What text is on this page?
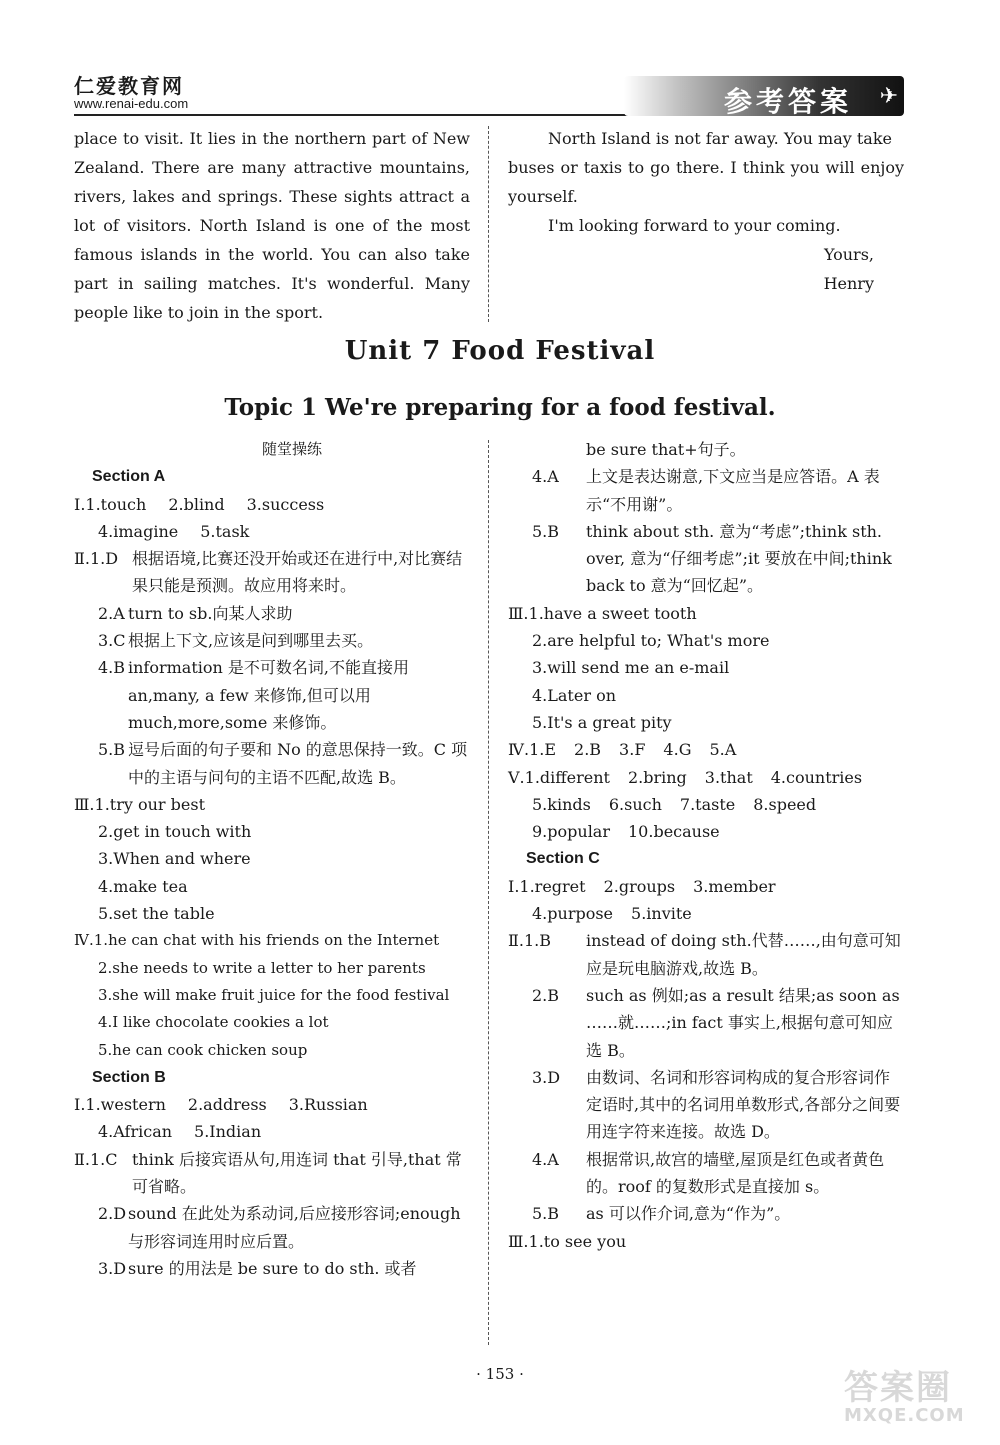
仁爱教育网
www.renai-edu.com	参考答案 ✈
place to visit. It lies in the northern part of New
Zealand. There are many attractive mountains,
rivers, lakes and springs. These sights attract a
lot of visitors. North Island is one of the most
famous islands in the world. You can also take
part in sailing matches. It's wonderful. Many
people like to join in the sport.
North Island is not far away. You may take
buses or taxis to go there. I think you will enjoy
yourself.
I'm looking forward to your coming.
Yours,
Henry
Unit 7 Food Festival
Topic 1 We're preparing for a food festival.
随堂操练
Section A
Ⅰ.1.touch 2.blind 3.success
4.imagine 5.task
Ⅱ.1.D 根据语境,比赛还没开始或还在进行中,对比赛结果只能是预测。故应用将来时。
2.A turn to sb.向某人求助
3.C 根据上下文,应该是问到哪里去买。
4.B information 是不可数名词,不能直接用 an,many, a few 来修饰,但可以用 much,more,some 来修饰。
5.B 逗号后面的句子要和 No 的意思保持一致。C 项中的主语与问句的主语不匹配,故选 B。
Ⅲ.1.try our best
2.get in touch with
3.When and where
4.make tea
5.set the table
Ⅳ.1.he can chat with his friends on the Internet
2.she needs to write a letter to her parents
3.she will make fruit juice for the food festival
4.I like chocolate cookies a lot
5.he can cook chicken soup
Section B
Ⅰ.1.western 2.address 3.Russian
4.African 5.Indian
Ⅱ.1.C think 后接宾语从句,用连词 that 引导,that 常可省略。
2.D sound 在此处为系动词,后应接形容词;enough 与形容词连用时应后置。
3.D sure 的用法是 be sure to do sth. 或者
be sure that+句子。
4.A	上文是表达谢意,下文应当是应答语。A 表示“不用谢”。
5.B	think about sth. 意为“考虑”;think sth. over, 意为“仔细考虑”;it 要放在中间;think back to 意为“回忆起”。
Ⅲ.1.have a sweet tooth
2.are helpful to; What's more
3.will send me an e-mail
4.Later on
5.It's a great pity
Ⅳ.1.E 2.B 3.F 4.G 5.A
Ⅴ.1.different 2.bring 3.that 4.countries
5.kinds 6.such 7.taste 8.speed
9.popular 10.because
Section C
Ⅰ.1.regret 2.groups 3.member
4.purpose 5.invite
Ⅱ.1.B	instead of doing sth.代替……,由句意可知应是玩电脑游戏,故选 B。
2.B	such as 例如;as a result 结果;as soon as ……就……;in fact 事实上,根据句意可知应选 B。
3.D	由数词、名词和形容词构成的复合形容词作定语时,其中的名词用单数形式,各部分之间要用连字符来连接。故选 D。
4.A	根据常识,故宫的墙壁,屋顶是红色或者黄色的。roof 的复数形式是直接加 s。
5.B	as 可以作介词,意为“作为”。
Ⅲ.1.to see you
· 153 ·	答案圈
MXQE.COM
